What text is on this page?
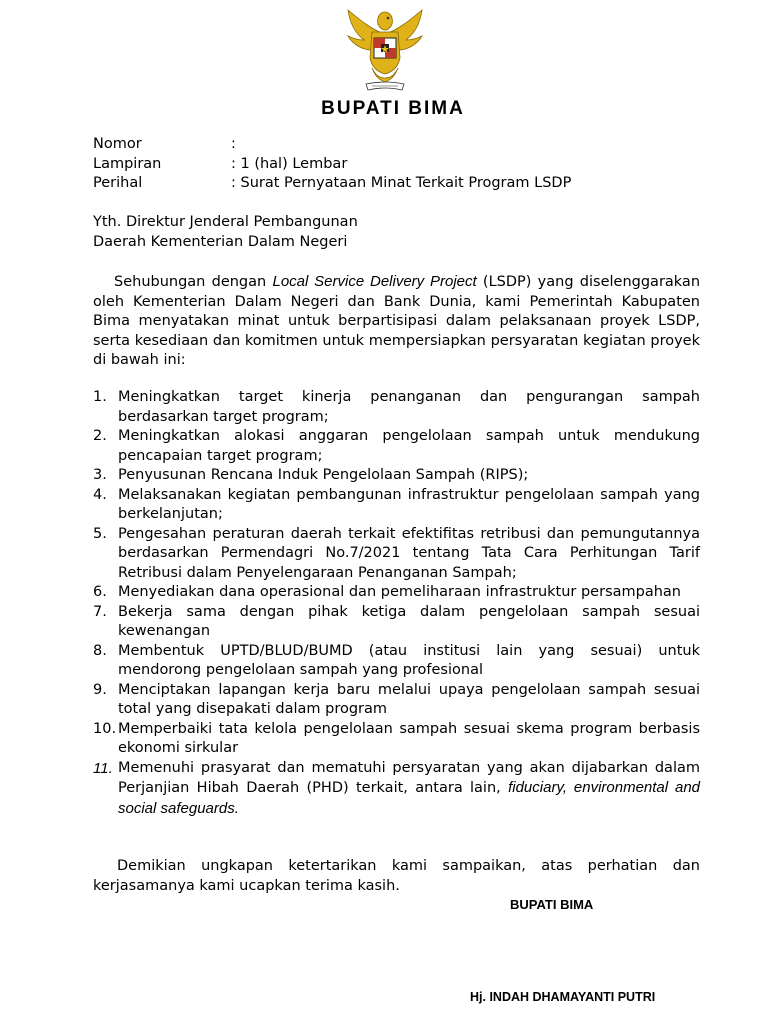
BUPATI BIMA
Nomor	:
Lampiran	: 1 (hal) Lembar
Perihal	: Surat Pernyataan Minat Terkait Program LSDP
Yth. Direktur Jenderal Pembangunan
Daerah Kementerian Dalam Negeri
Sehubungan dengan Local Service Delivery Project (LSDP) yang diselenggarakan oleh Kementerian Dalam Negeri dan Bank Dunia, kami Pemerintah Kabupaten Bima menyatakan minat untuk berpartisipasi dalam pelaksanaan proyek LSDP, serta kesediaan dan komitmen untuk mempersiapkan persyaratan kegiatan proyek di bawah ini:
1. Meningkatkan target kinerja penanganan dan pengurangan sampah berdasarkan target program;
2. Meningkatkan alokasi anggaran pengelolaan sampah untuk mendukung pencapaian target program;
3. Penyusunan Rencana Induk Pengelolaan Sampah (RIPS);
4. Melaksanakan kegiatan pembangunan infrastruktur pengelolaan sampah yang berkelanjutan;
5. Pengesahan peraturan daerah terkait efektifitas retribusi dan pemungutannya berdasarkan Permendagri No.7/2021 tentang Tata Cara Perhitungan Tarif Retribusi dalam Penyelengaraan Penanganan Sampah;
6. Menyediakan dana operasional dan pemeliharaan infrastruktur persampahan
7. Bekerja sama dengan pihak ketiga dalam pengelolaan sampah sesuai kewenangan
8. Membentuk UPTD/BLUD/BUMD (atau institusi lain yang sesuai) untuk mendorong pengelolaan sampah yang profesional
9. Menciptakan lapangan kerja baru melalui upaya pengelolaan sampah sesuai total yang disepakati dalam program
10. Memperbaiki tata kelola pengelolaan sampah sesuai skema program berbasis ekonomi sirkular
11. Memenuhi prasyarat dan mematuhi persyaratan yang akan dijabarkan dalam Perjanjian Hibah Daerah (PHD) terkait, antara lain, fiduciary, environmental and social safeguards.
Demikian ungkapan ketertarikan kami sampaikan, atas perhatian dan kerjasamanya kami ucapkan terima kasih.
BUPATI BIMA
Hj. INDAH DHAMAYANTI PUTRI
